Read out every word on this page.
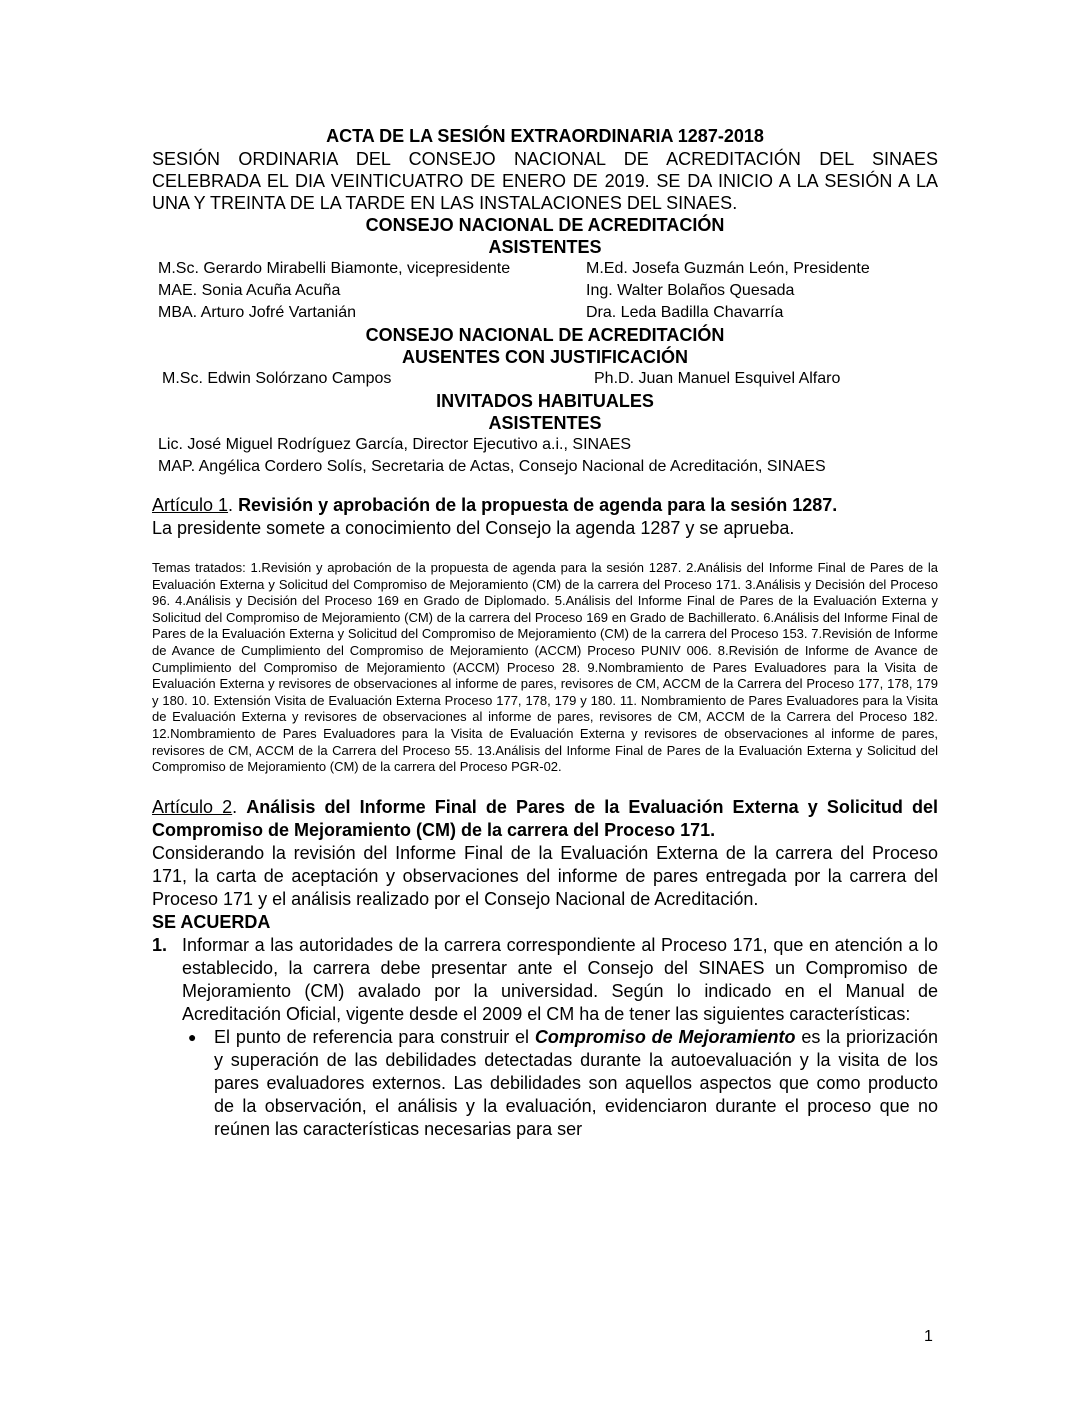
ACTA DE LA SESIÓN EXTRAORDINARIA 1287-2018
SESIÓN ORDINARIA DEL CONSEJO NACIONAL DE ACREDITACIÓN DEL SINAES CELEBRADA EL DIA VEINTICUATRO DE ENERO DE 2019. SE DA INICIO A LA SESIÓN A LA UNA Y TREINTA DE LA TARDE EN LAS INSTALACIONES DEL SINAES.
CONSEJO NACIONAL DE ACREDITACIÓN
ASISTENTES
M.Sc. Gerardo Mirabelli Biamonte, vicepresidente	M.Ed. Josefa Guzmán León, Presidente
MAE. Sonia Acuña Acuña	Ing. Walter Bolaños Quesada
MBA. Arturo Jofré Vartanián	Dra. Leda Badilla Chavarría
CONSEJO NACIONAL DE ACREDITACIÓN
AUSENTES CON JUSTIFICACIÓN
M.Sc. Edwin Solórzano Campos	Ph.D. Juan Manuel Esquivel Alfaro
INVITADOS HABITUALES
ASISTENTES
Lic. José Miguel Rodríguez García, Director Ejecutivo a.i., SINAES
MAP. Angélica Cordero Solís, Secretaria de Actas, Consejo Nacional de Acreditación, SINAES
Artículo 1. Revisión y aprobación de la propuesta de agenda para la sesión 1287.
La presidente somete a conocimiento del Consejo la agenda 1287 y se aprueba.
Temas tratados: 1.Revisión y aprobación de la propuesta de agenda para la sesión 1287. 2.Análisis del Informe Final de Pares de la Evaluación Externa y Solicitud del Compromiso de Mejoramiento (CM) de la carrera del Proceso 171. 3.Análisis y Decisión del Proceso 96. 4.Análisis y Decisión del Proceso 169 en Grado de Diplomado. 5.Análisis del Informe Final de Pares de la Evaluación Externa y Solicitud del Compromiso de Mejoramiento (CM) de la carrera del Proceso 169 en Grado de Bachillerato. 6.Análisis del Informe Final de Pares de la Evaluación Externa y Solicitud del Compromiso de Mejoramiento (CM) de la carrera del Proceso 153. 7.Revisión de Informe de Avance de Cumplimiento del Compromiso de Mejoramiento (ACCM) Proceso PUNIV 006. 8.Revisión de Informe de Avance de Cumplimiento del Compromiso de Mejoramiento (ACCM) Proceso 28. 9.Nombramiento de Pares Evaluadores para la Visita de Evaluación Externa y revisores de observaciones al informe de pares, revisores de CM, ACCM de la Carrera del Proceso 177, 178, 179 y 180. 10. Extensión Visita de Evaluación Externa Proceso 177, 178, 179 y 180. 11. Nombramiento de Pares Evaluadores para la Visita de Evaluación Externa y revisores de observaciones al informe de pares, revisores de CM, ACCM de la Carrera del Proceso 182. 12.Nombramiento de Pares Evaluadores para la Visita de Evaluación Externa y revisores de observaciones al informe de pares, revisores de CM, ACCM de la Carrera del Proceso 55. 13.Análisis del Informe Final de Pares de la Evaluación Externa y Solicitud del Compromiso de Mejoramiento (CM) de la carrera del Proceso PGR-02.
Artículo 2. Análisis del Informe Final de Pares de la Evaluación Externa y Solicitud del Compromiso de Mejoramiento (CM) de la carrera del Proceso 171.
Considerando la revisión del Informe Final de la Evaluación Externa de la carrera del Proceso 171, la carta de aceptación y observaciones del informe de pares entregada por la carrera del Proceso 171 y el análisis realizado por el Consejo Nacional de Acreditación.
SE ACUERDA
1. Informar a las autoridades de la carrera correspondiente al Proceso 171, que en atención a lo establecido, la carrera debe presentar ante el Consejo del SINAES un Compromiso de Mejoramiento (CM) avalado por la universidad. Según lo indicado en el Manual de Acreditación Oficial, vigente desde el 2009 el CM ha de tener las siguientes características:
● El punto de referencia para construir el Compromiso de Mejoramiento es la priorización y superación de las debilidades detectadas durante la autoevaluación y la visita de los pares evaluadores externos. Las debilidades son aquellos aspectos que como producto de la observación, el análisis y la evaluación, evidenciaron durante el proceso que no reúnen las características necesarias para ser
1
